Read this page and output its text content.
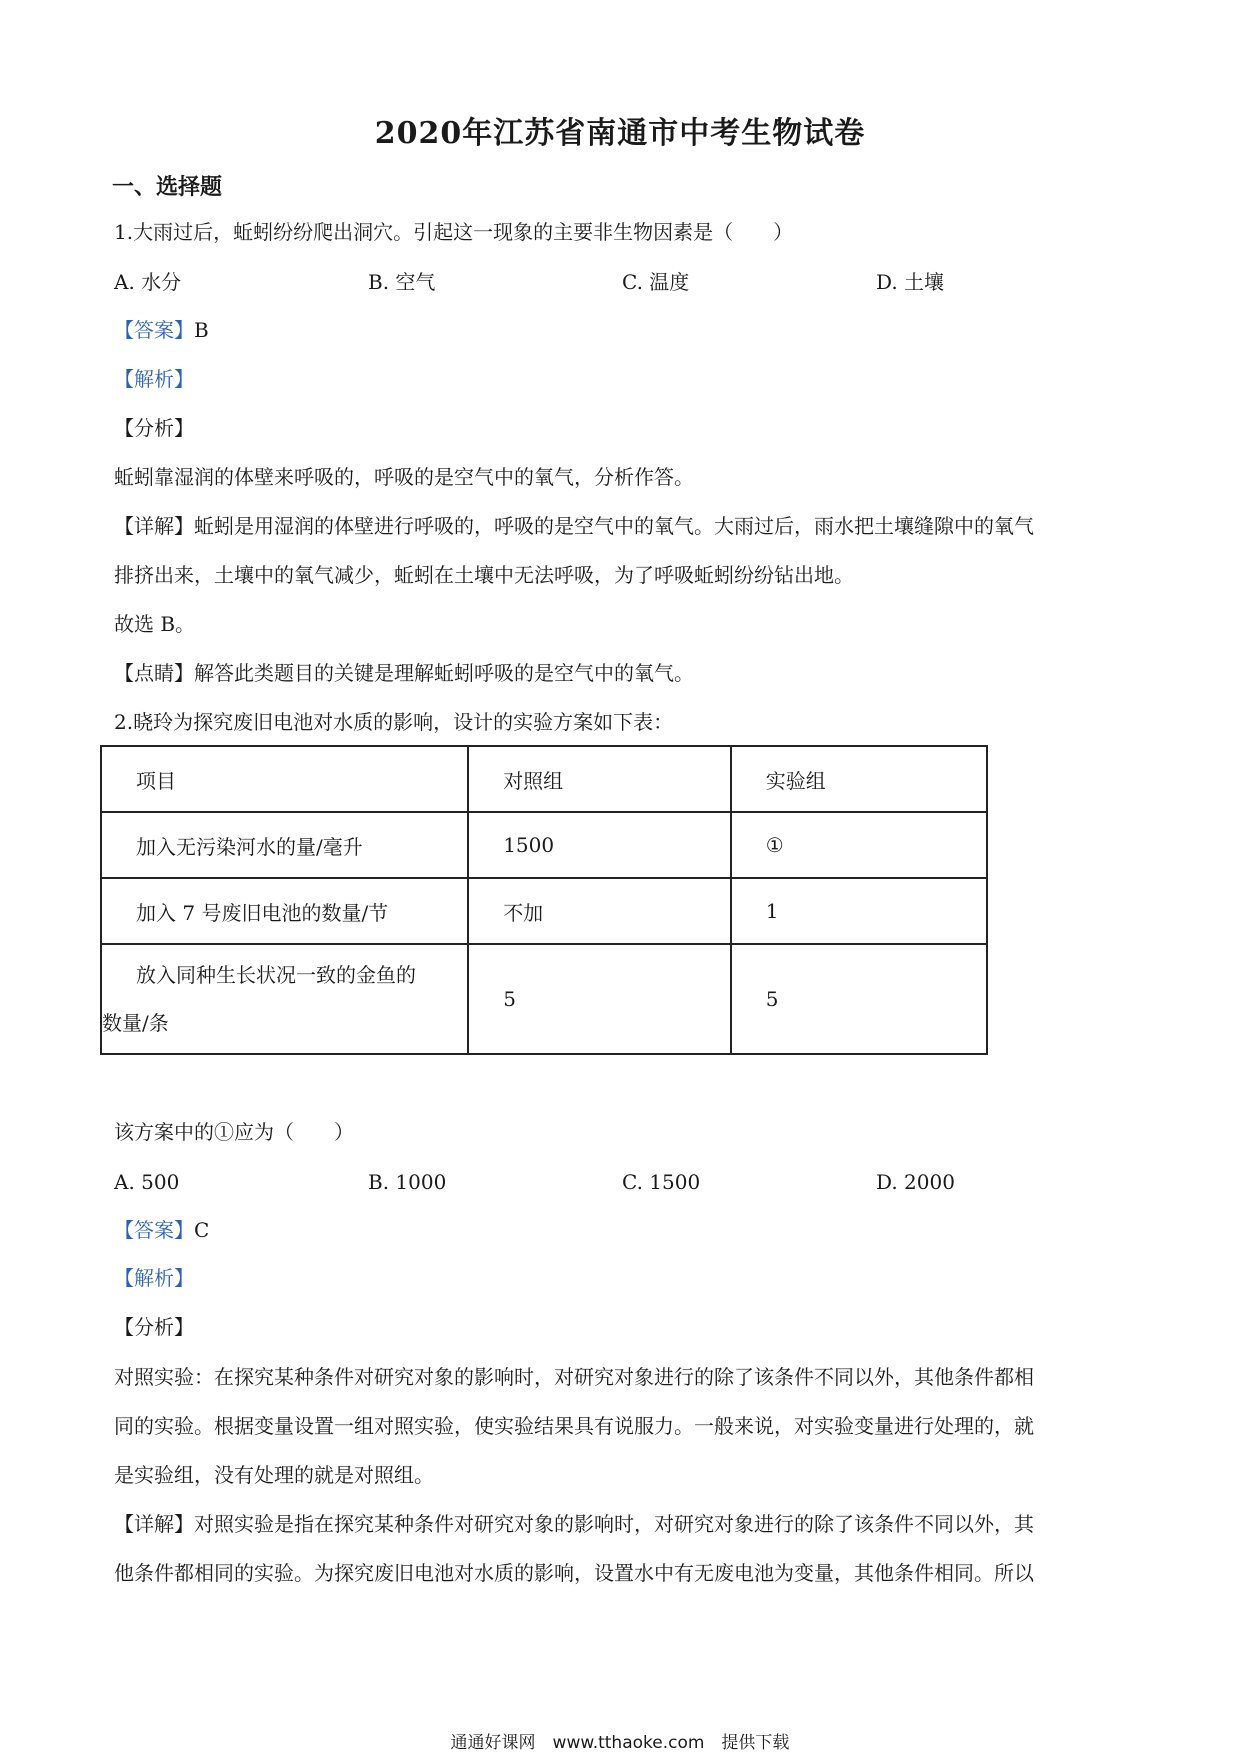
2020年江苏省南通市中考生物试卷
一、选择题
1.大雨过后，蚯蚓纷纷爬出洞穴。引起这一现象的主要非生物因素是（　　）
A. 水分	B. 空气	C. 温度	D. 土壤
【答案】B
【解析】
【分析】
蚯蚓靠湿润的体壁来呼吸的，呼吸的是空气中的氧气，分析作答。
【详解】蚯蚓是用湿润的体壁进行呼吸的，呼吸的是空气中的氧气。大雨过后，雨水把土壤缝隙中的氧气
排挤出来，土壤中的氧气减少，蚯蚓在土壤中无法呼吸，为了呼吸蚯蚓纷纷钻出地。
故选 B。
【点睛】解答此类题目的关键是理解蚯蚓呼吸的是空气中的氧气。
2.晓玲为探究废旧电池对水质的影响，设计的实验方案如下表：
项目	对照组	实验组
加入无污染河水的量/毫升	1500	①
加入 7 号废旧电池的数量/节	不加	1

放入同种生长状况一致的金鱼的数量/条	5	5
该方案中的①应为（　　）
A. 500	B. 1000	C. 1500	D. 2000
【答案】C
【解析】
【分析】
对照实验：在探究某种条件对研究对象的影响时，对研究对象进行的除了该条件不同以外，其他条件都相
同的实验。根据变量设置一组对照实验，使实验结果具有说服力。一般来说，对实验变量进行处理的，就
是实验组，没有处理的就是对照组。
【详解】对照实验是指在探究某种条件对研究对象的影响时，对研究对象进行的除了该条件不同以外，其
他条件都相同的实验。为探究废旧电池对水质的影响，设置水中有无废电池为变量，其他条件相同。所以
通通好课网　www.tthaoke.com　提供下载
